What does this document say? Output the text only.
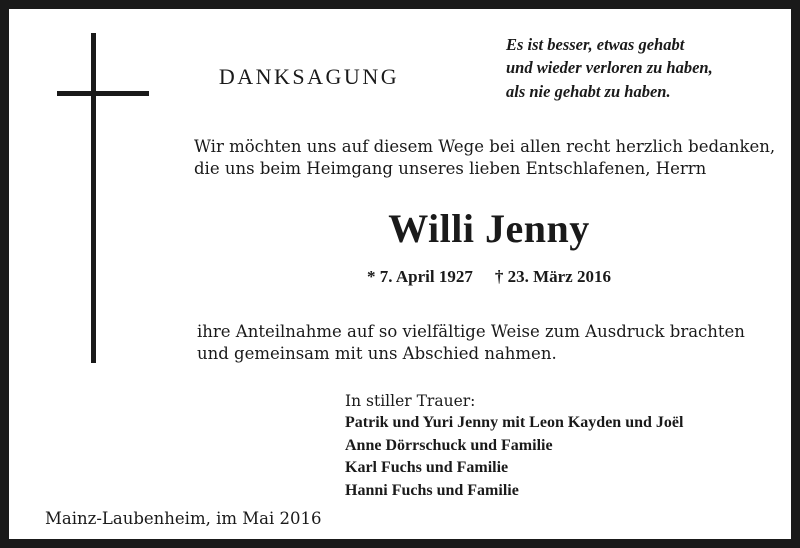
DANKSAGUNG
Es ist besser, etwas gehabt
und wieder verloren zu haben,
als nie gehabt zu haben.
Wir möchten uns auf diesem Wege bei allen recht herzlich bedanken,
die uns beim Heimgang unseres lieben Entschlafenen, Herrn
Willi Jenny
* 7. April 1927 † 23. März 2016
ihre Anteilnahme auf so vielfältige Weise zum Ausdruck brachten
und gemeinsam mit uns Abschied nahmen.
In stiller Trauer:
Patrik und Yuri Jenny mit Leon Kayden und Joël
Anne Dörrschuck und Familie
Karl Fuchs und Familie
Hanni Fuchs und Familie
Mainz-Laubenheim, im Mai 2016
